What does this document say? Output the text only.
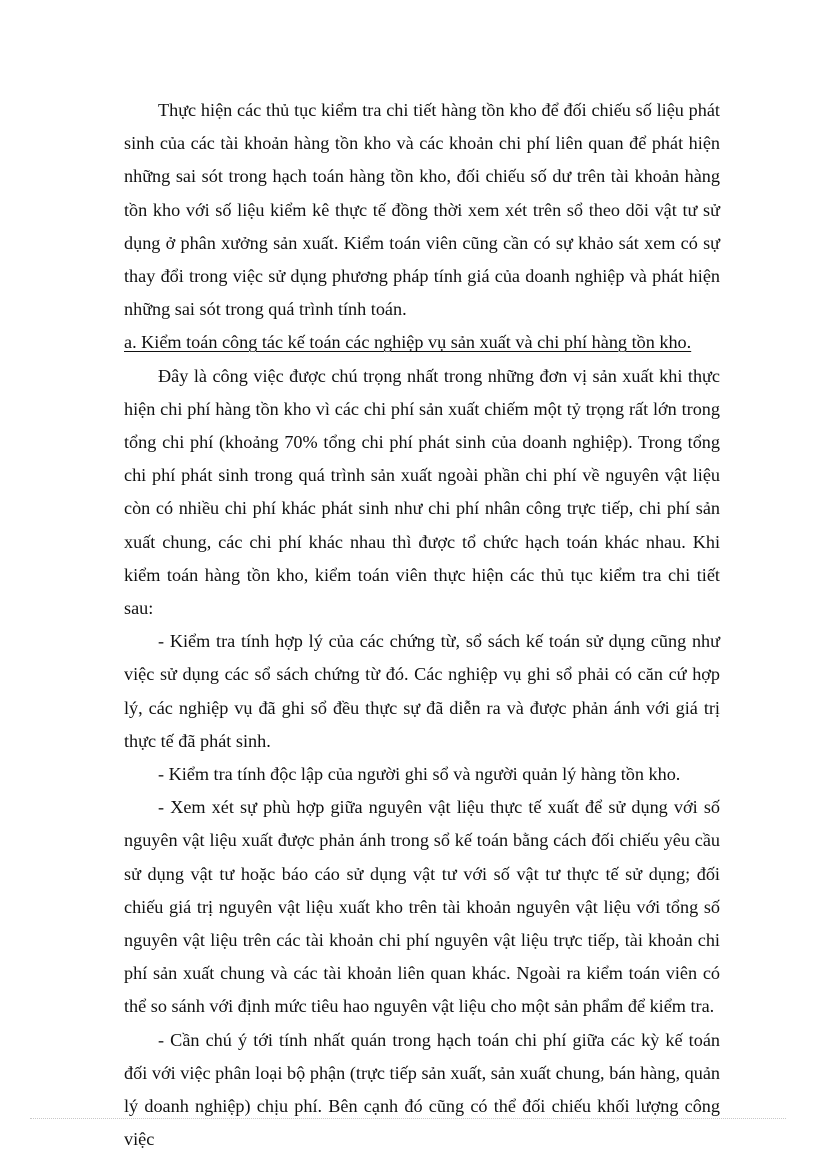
Thực hiện các thủ tục kiểm tra chi tiết hàng tồn kho để đối chiếu số liệu phát sinh của các tài khoản hàng tồn kho và các khoản chi phí liên quan để phát hiện những sai sót trong hạch toán hàng tồn kho, đối chiếu số dư trên tài khoản hàng tồn kho với số liệu kiểm kê thực tế đồng thời xem xét trên sổ theo dõi vật tư sử dụng ở phân xưởng sản xuất. Kiểm toán viên cũng cần có sự khảo sát xem có sự thay đổi trong việc sử dụng phương pháp tính giá của doanh nghiệp và phát hiện những sai sót trong quá trình tính toán.

a. Kiểm toán công tác kế toán các nghiệp vụ sản xuất và chi phí hàng tồn kho.

Đây là công việc được chú trọng nhất trong những đơn vị sản xuất khi thực hiện chi phí hàng tồn kho vì các chi phí sản xuất chiếm một tỷ trọng rất lớn trong tổng chi phí (khoảng 70% tổng chi phí phát sinh của doanh nghiệp). Trong tổng chi phí phát sinh trong quá trình sản xuất ngoài phần chi phí về nguyên vật liệu còn có nhiều chi phí khác phát sinh như chi phí nhân công trực tiếp, chi phí sản xuất chung, các chi phí khác nhau thì được tổ chức hạch toán khác nhau. Khi kiểm toán hàng tồn kho, kiểm toán viên thực hiện các thủ tục kiểm tra chi tiết sau:

- Kiểm tra tính hợp lý của các chứng từ, sổ sách kế toán sử dụng cũng như việc sử dụng các sổ sách chứng từ đó. Các nghiệp vụ ghi sổ phải có căn cứ hợp lý, các nghiệp vụ đã ghi sổ đều thực sự đã diễn ra và được phản ánh với giá trị thực tế đã phát sinh.

- Kiểm tra tính độc lập của người ghi sổ và người quản lý hàng tồn kho.

- Xem xét sự phù hợp giữa nguyên vật liệu thực tế xuất để sử dụng với số nguyên vật liệu xuất được phản ánh trong sổ kế toán bằng cách đối chiếu yêu cầu sử dụng vật tư hoặc báo cáo sử dụng vật tư với số vật tư thực tế sử dụng; đối chiếu giá trị nguyên vật liệu xuất kho trên tài khoản nguyên vật liệu với tổng số nguyên vật liệu trên các tài khoản chi phí nguyên vật liệu trực tiếp, tài khoản chi phí sản xuất chung và các tài khoản liên quan khác. Ngoài ra kiểm toán viên có thể so sánh với định mức tiêu hao nguyên vật liệu cho một sản phẩm để kiểm tra.

- Cần chú ý tới tính nhất quán trong hạch toán chi phí giữa các kỳ kế toán đối với việc phân loại bộ phận (trực tiếp sản xuất, sản xuất chung, bán hàng, quản lý doanh nghiệp) chịu phí. Bên cạnh đó cũng có thể đối chiếu khối lượng công việc
